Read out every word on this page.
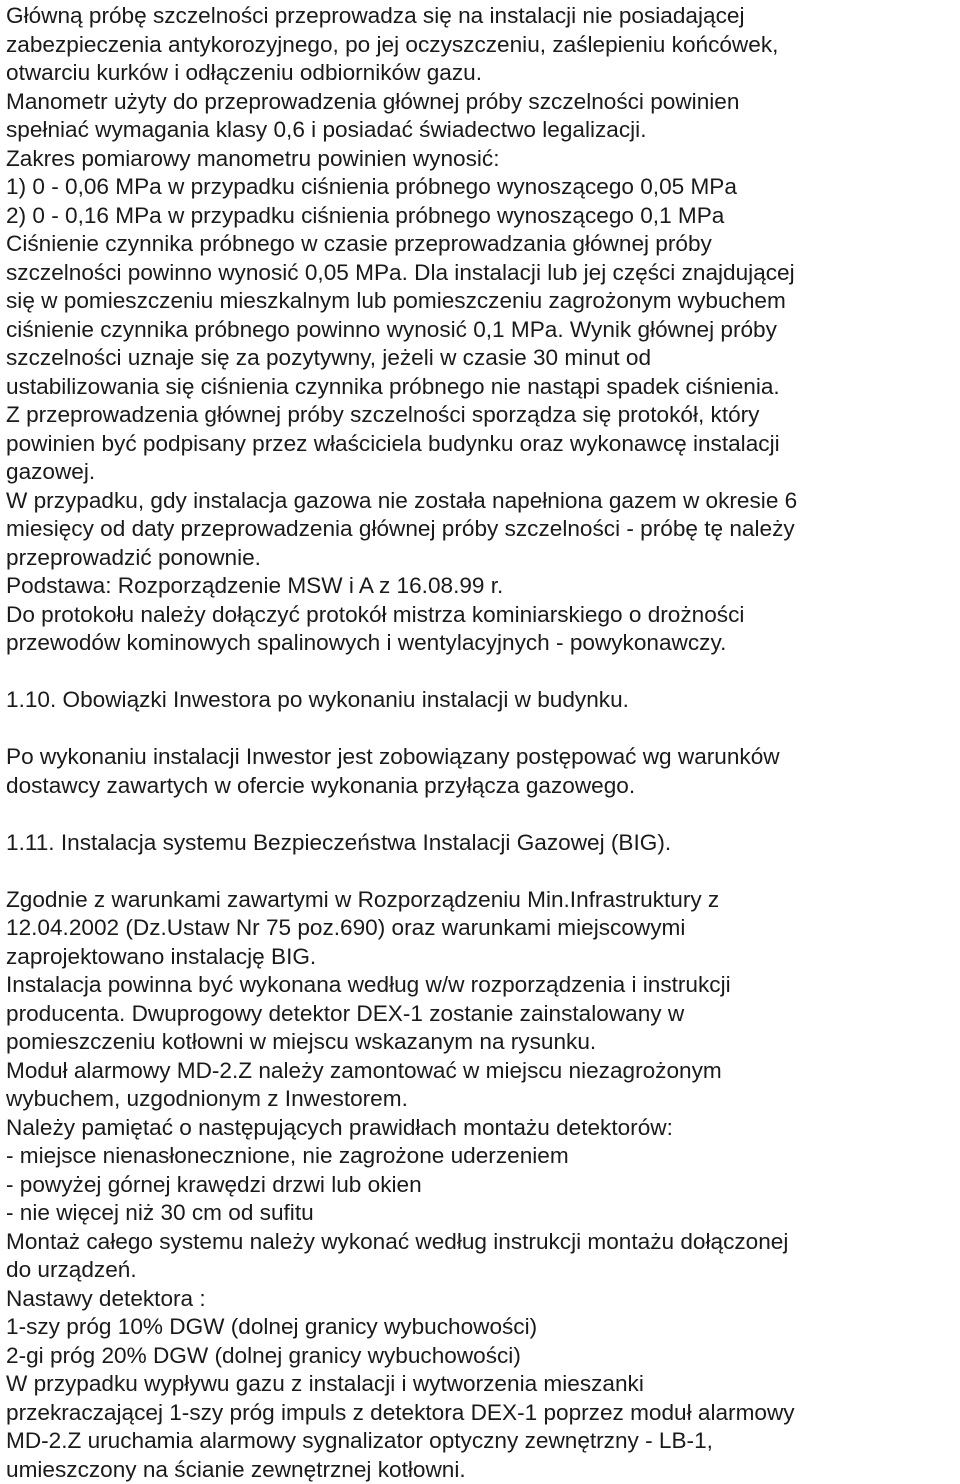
Główną próbę szczelności przeprowadza się na instalacji nie posiadającej
zabezpieczenia antykorozyjnego, po jej oczyszczeniu, zaślepieniu końcówek,
otwarciu kurków i odłączeniu odbiorników gazu.
Manometr użyty do przeprowadzenia głównej próby szczelności powinien
spełniać wymagania klasy 0,6 i posiadać świadectwo legalizacji.
Zakres pomiarowy manometru powinien wynosić:
1) 0 - 0,06 MPa w przypadku ciśnienia próbnego wynoszącego 0,05 MPa
2) 0 - 0,16 MPa w przypadku ciśnienia próbnego wynoszącego 0,1 MPa
Ciśnienie czynnika próbnego w czasie przeprowadzania głównej próby
szczelności powinno wynosić 0,05 MPa. Dla instalacji lub jej części znajdującej
się w pomieszczeniu mieszkalnym lub pomieszczeniu zagrożonym wybuchem
ciśnienie czynnika próbnego powinno wynosić 0,1 MPa. Wynik głównej próby
szczelności uznaje się za pozytywny, jeżeli w czasie 30 minut od
ustabilizowania się ciśnienia czynnika próbnego nie nastąpi spadek ciśnienia.
Z przeprowadzenia głównej próby szczelności sporządza się protokół, który
powinien być podpisany przez właściciela budynku oraz wykonawcę instalacji
gazowej.
W przypadku, gdy instalacja gazowa nie została napełniona gazem w okresie 6
miesięcy od daty przeprowadzenia głównej próby szczelności - próbę tę należy
przeprowadzić ponownie.
Podstawa: Rozporządzenie MSW i A z 16.08.99 r.
Do protokołu należy dołączyć protokół mistrza kominiarskiego o drożności
przewodów kominowych spalinowych i wentylacyjnych - powykonawczy.
1.10. Obowiązki Inwestora po wykonaniu instalacji w budynku.
Po wykonaniu instalacji Inwestor jest zobowiązany postępować wg warunków
dostawcy zawartych w ofercie wykonania przyłącza gazowego.
1.11. Instalacja systemu Bezpieczeństwa Instalacji Gazowej (BIG).
Zgodnie z warunkami zawartymi w Rozporządzeniu Min.Infrastruktury z
12.04.2002 (Dz.Ustaw Nr 75 poz.690) oraz warunkami miejscowymi
zaprojektowano instalację BIG.
Instalacja powinna być wykonana według w/w rozporządzenia i instrukcji
producenta. Dwuprogowy detektor DEX-1 zostanie zainstalowany w
pomieszczeniu kotłowni w miejscu wskazanym na rysunku.
Moduł alarmowy MD-2.Z należy zamontować w miejscu niezagrożonym
wybuchem, uzgodnionym z Inwestorem.
Należy pamiętać o następujących prawidłach montażu detektorów:
- miejsce nienasłonecznione, nie zagrożone uderzeniem
- powyżej górnej krawędzi drzwi lub okien
- nie więcej niż 30 cm od sufitu
Montaż całego systemu należy wykonać według instrukcji montażu dołączonej
do urządzeń.
Nastawy detektora :
1-szy próg 10% DGW (dolnej granicy wybuchowości)
2-gi próg 20% DGW (dolnej granicy wybuchowości)
W przypadku wypływu gazu z instalacji i wytworzenia mieszanki
przekraczającej 1-szy próg impuls z detektora DEX-1 poprzez moduł alarmowy
MD-2.Z uruchamia alarmowy sygnalizator optyczny zewnętrzny - LB-1,
umieszczony na ścianie zewnętrznej kotłowni.
